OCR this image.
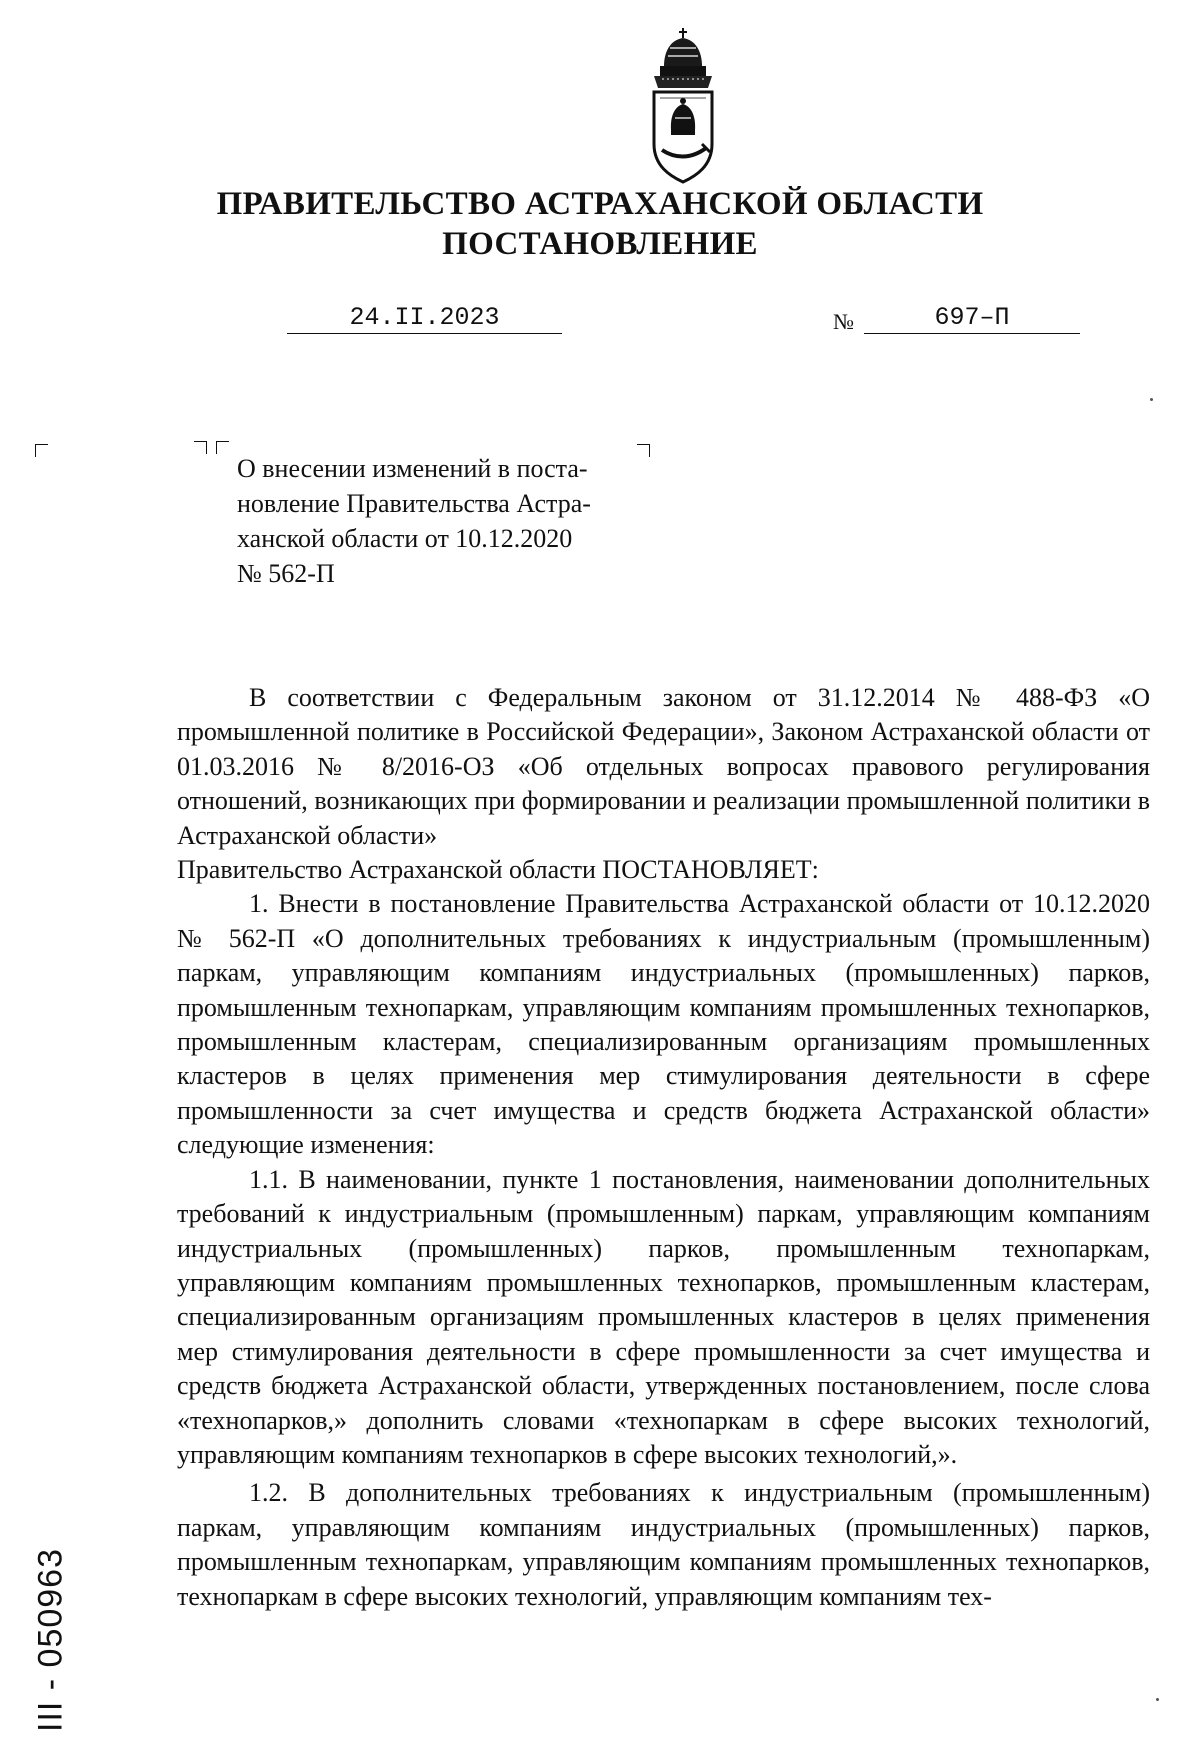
ПРАВИТЕЛЬСТВО АСТРАХАНСКОЙ ОБЛАСТИ
ПОСТАНОВЛЕНИЕ
24.II.2023	№	697–П

О внесении изменений в поста-

новление Правительства Астра-

ханской области от 10.12.2020

№ 562-П

В соответствии с Федеральным законом от 31.12.2014 № 488-ФЗ «О промышленной политике в Российской Федерации», Законом Астраханской области от 01.03.2016 № 8/2016-ОЗ «Об отдельных вопросах правового регулирования отношений, возникающих при формировании и реализации промышленной политики в Астраханской области»

Правительство Астраханской области ПОСТАНОВЛЯЕТ:

1. Внести в постановление Правительства Астраханской области от 10.12.2020 № 562-П «О дополнительных требованиях к индустриальным (промышленным) паркам, управляющим компаниям индустриальных (промышленных) парков, промышленным технопаркам, управляющим компаниям промышленных технопарков, промышленным кластерам, специализированным организациям промышленных кластеров в целях применения мер стимулирования деятельности в сфере промышленности за счет имущества и средств бюджета Астраханской области» следующие изменения:

1.1. В наименовании, пункте 1 постановления, наименовании дополнительных требований к индустриальным (промышленным) паркам, управляющим компаниям индустриальных (промышленных) парков, промышленным технопаркам, управляющим компаниям промышленных технопарков, промышленным кластерам, специализированным организациям промышленных кластеров в целях применения мер стимулирования деятельности в сфере промышленности за счет имущества и средств бюджета Астраханской области, утвержденных постановлением, после слова «технопарков,» дополнить словами «технопаркам в сфере высоких технологий, управляющим компаниям технопарков в сфере высоких технологий,».

1.2. В дополнительных требованиях к индустриальным (промышленным) паркам, управляющим компаниям индустриальных (промышленных) парков, промышленным технопаркам, управляющим компаниям промышленных технопарков, технопаркам в сфере высоких технологий, управляющим компаниям тех-

ІІІ - 050963
